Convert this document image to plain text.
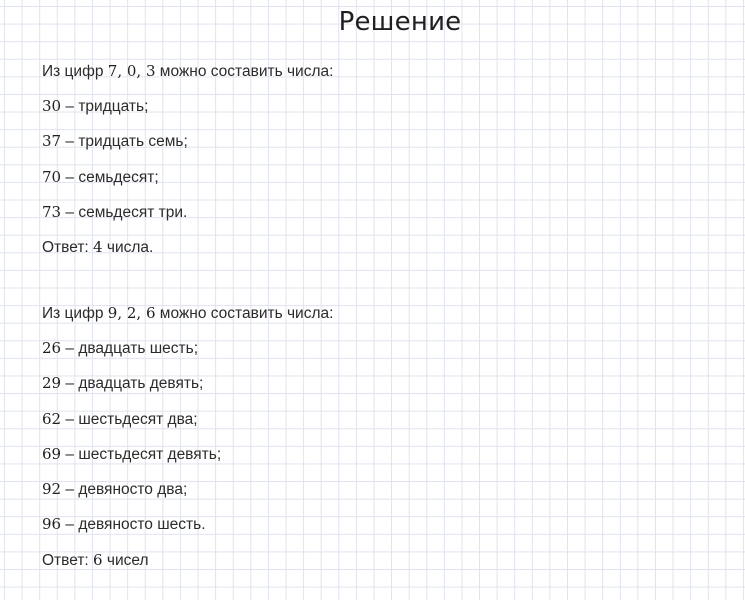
Решение
Из цифр 7, 0, 3 можно составить числа:
30 – тридцать;
37 – тридцать семь;
70 – семьдесят;
73 – семьдесят три.
Ответ: 4 числа.
Из цифр 9, 2, 6 можно составить числа:
26 – двадцать шесть;
29 – двадцать девять;
62 – шестьдесят два;
69 – шестьдесят девять;
92 – девяносто два;
96 – девяносто шесть.
Ответ: 6 чисел
